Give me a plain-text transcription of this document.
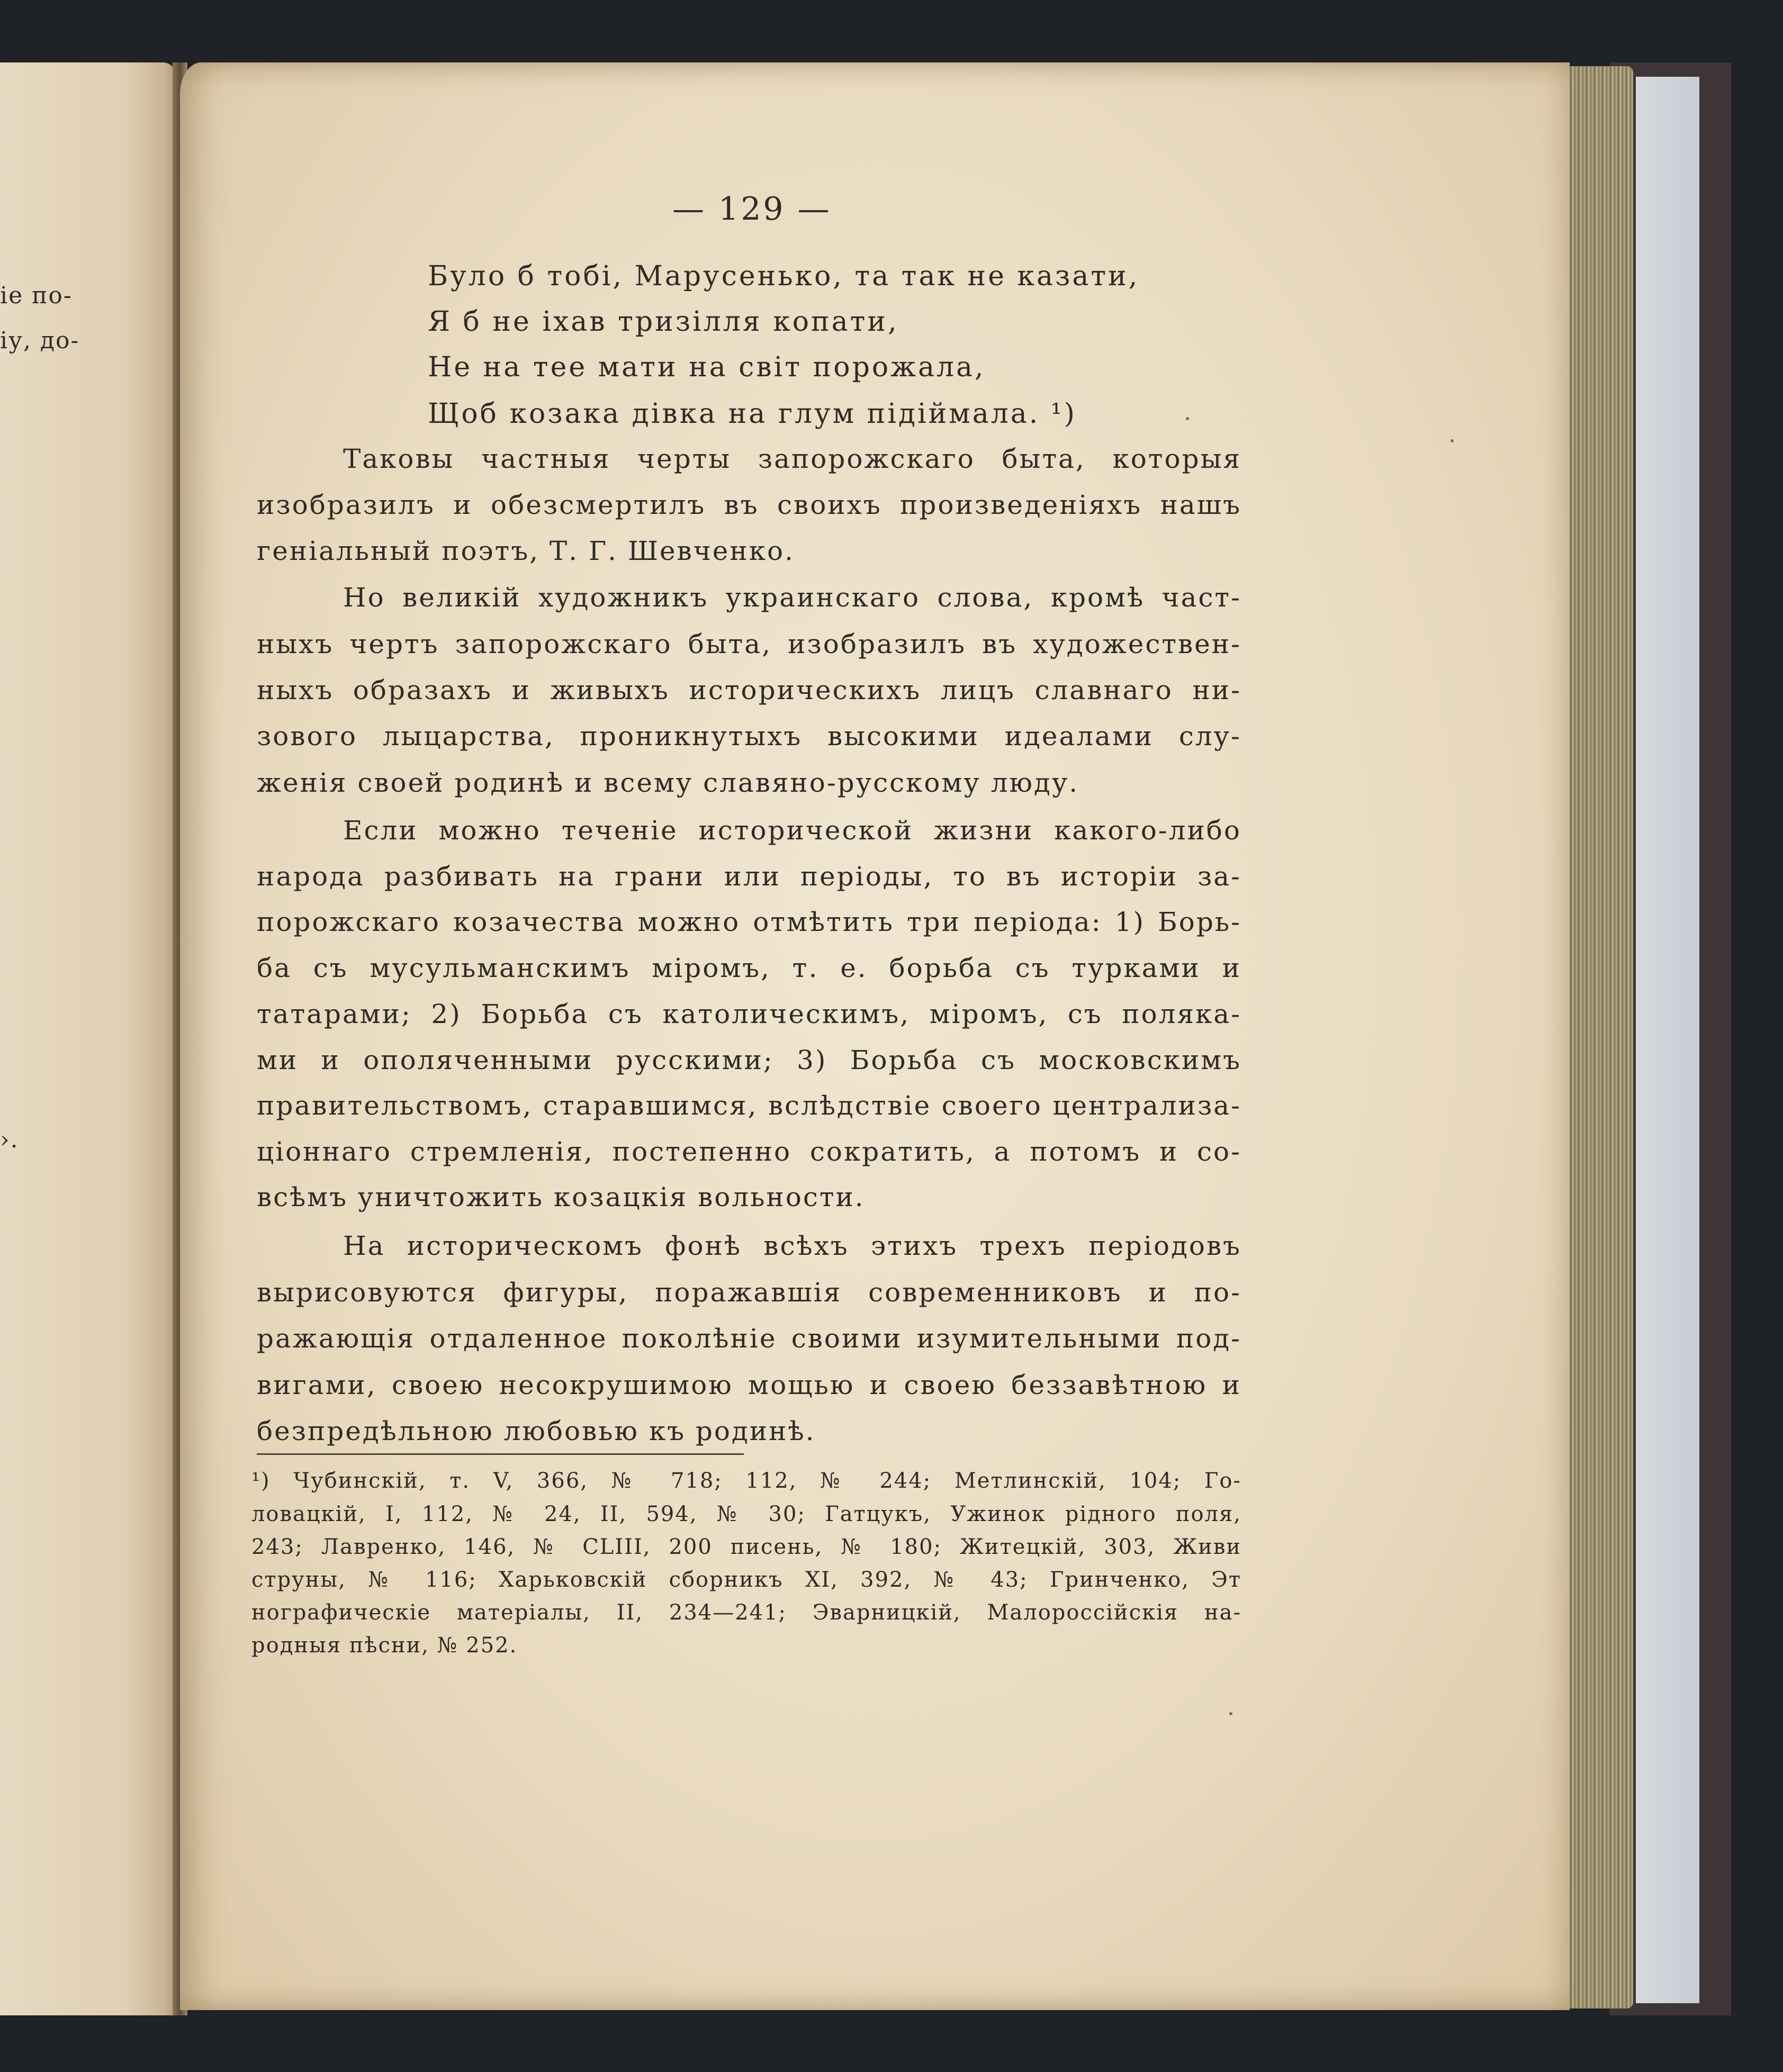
іе по-
іу, до-
›.
— 129 —
Було б тобі, Марусенько, та так не казати,
Я б не іхав тризілля копати,
Не на тее мати на світ порожала,
Щоб козака дівка на глум підіймала. ¹)
Таковы частныя черты запорожскаго быта, которыя
изобразилъ и обезсмертилъ въ своихъ произведеніяхъ нашъ
геніальный поэтъ, Т. Г. Шевченко.
Но великій художникъ украинскаго слова, кромѣ част-
ныхъ чертъ запорожскаго быта, изобразилъ въ художествен-
ныхъ образахъ и живыхъ историческихъ лицъ славнаго ни-
зового лыцарства, проникнутыхъ высокими идеалами слу-
женія своей родинѣ и всему славяно-русскому люду.
Если можно теченіе исторической жизни какого-либо
народа разбивать на грани или періоды, то въ исторіи за-
порожскаго козачества можно отмѣтить три періода: 1) Борь-
ба съ мусульманскимъ міромъ, т. е. борьба съ турками и
татарами; 2) Борьба съ католическимъ, міромъ, съ поляка-
ми и ополяченными русскими; 3) Борьба съ московскимъ
правительствомъ, старавшимся, вслѣдствіе своего централиза-
ціоннаго стремленія, постепенно сократить, а потомъ и со-
всѣмъ уничтожить козацкія вольности.
На историческомъ фонѣ всѣхъ этихъ трехъ періодовъ
вырисовуются фигуры, поражавшія современниковъ и по-
ражающія отдаленное поколѣніе своими изумительными под-
вигами, своею несокрушимою мощью и своею беззавѣтною и
безпредѣльною любовью къ родинѣ.
¹) Чубинскій, т. V, 366, № 718; 112, № 244; Метлинскій, 104; Го-
ловацкій, I, 112, № 24, II, 594, № 30; Гатцукъ, Ужинок рідного поля,
243; Лавренко, 146, № CLIII, 200 писень, № 180; Житецкій, 303, Живи
струны, № 116; Харьковскій сборникъ XI, 392, № 43; Гринченко, Эт
нографическіе матеріалы, II, 234—241; Эварницкій, Малороссійскія на-
родныя пѣсни, № 252.
